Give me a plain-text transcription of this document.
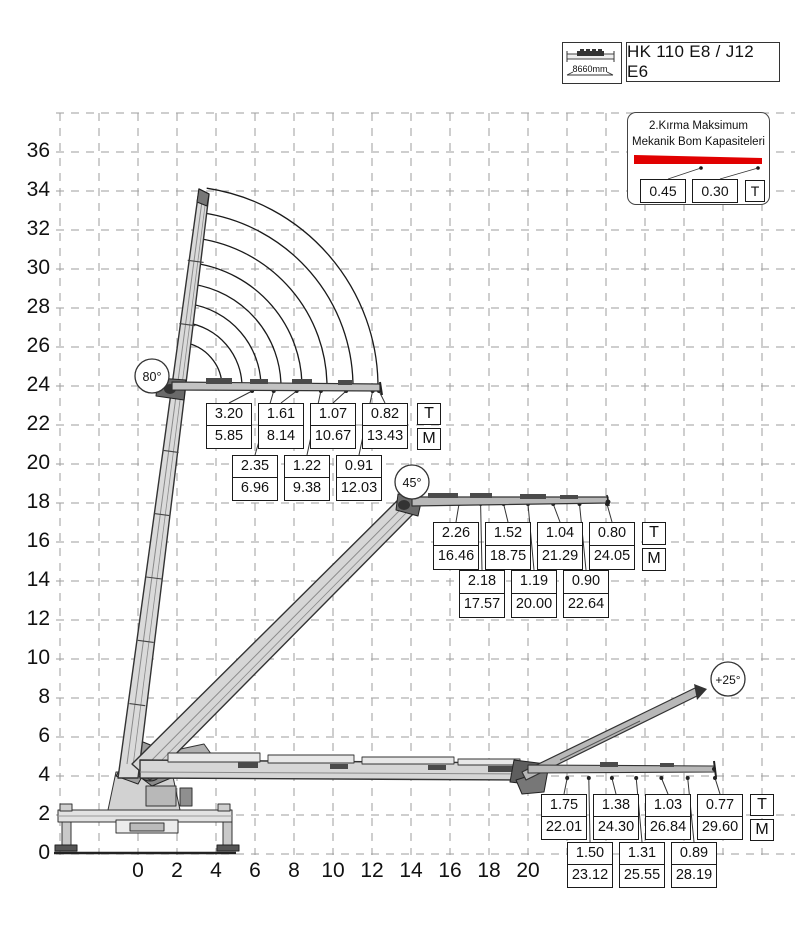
80°
45°
+25°
8660mm
HK 110 E8 / J12 E6
2.Kırma Maksimum
Mekanik Bom Kapasiteleri
0.45	0.30	T
0	2	4	6	8	10 12 14 16 18 20
0
2
4
6
8
10
12
14
16
18
20
22
24
26
28
30
32
34
36
3.20
5.85
1.61
8.14
1.07
10.67
0.82
13.43
2.35
6.96
1.22
9.38
0.91
12.03
T
M
2.26
16.46
1.52
18.75
1.04
21.29
0.80
24.05
2.18
17.57
1.19
20.00
0.90
22.64
T
M
1.75
22.01
1.38
24.30
1.03
26.84
0.77
29.60
1.50
23.12
1.31
25.55
0.89
28.19
T
M
